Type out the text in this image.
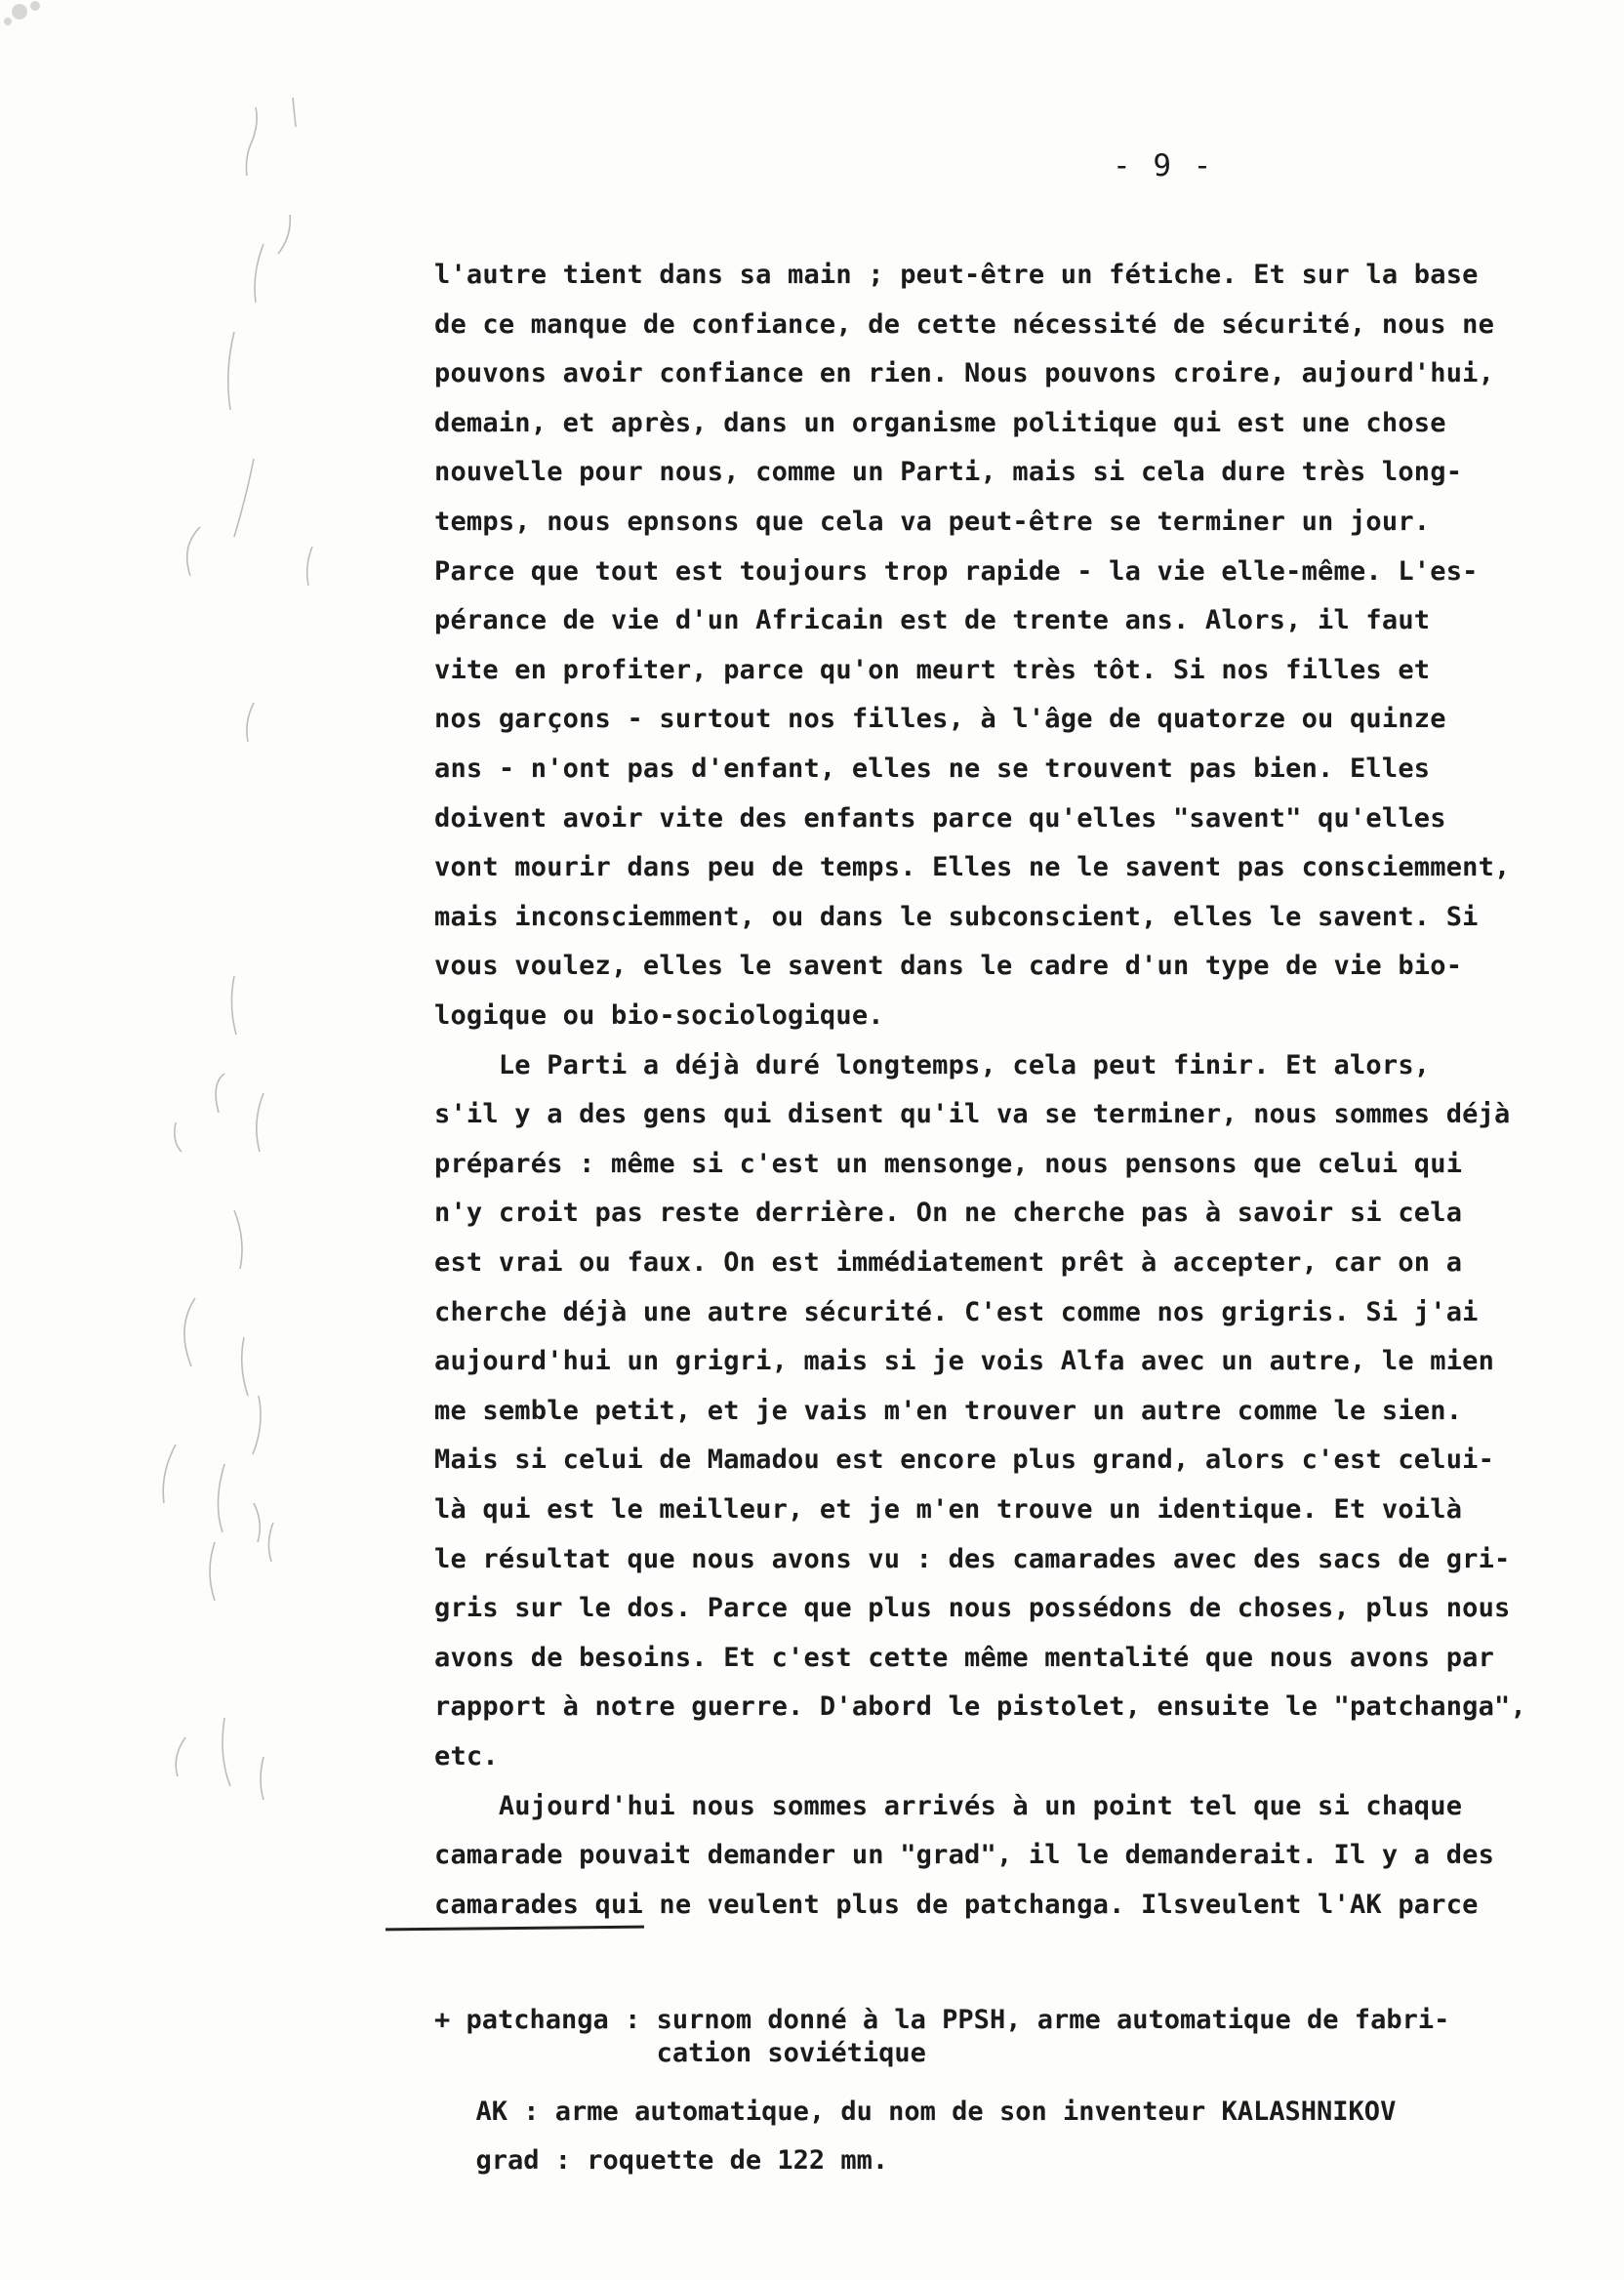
- 9 -
l'autre tient dans sa main ; peut-être un fétiche. Et sur la base
de ce manque de confiance, de cette nécessité de sécurité, nous ne
pouvons avoir confiance en rien. Nous pouvons croire, aujourd'hui,
demain, et après, dans un organisme politique qui est une chose
nouvelle pour nous, comme un Parti, mais si cela dure très long-
temps, nous epnsons que cela va peut-être se terminer un jour.
Parce que tout est toujours trop rapide - la vie elle-même. L'es-
pérance de vie d'un Africain est de trente ans. Alors, il faut
vite en profiter, parce qu'on meurt très tôt. Si nos filles et
nos garçons - surtout nos filles, à l'âge de quatorze ou quinze
ans - n'ont pas d'enfant, elles ne se trouvent pas bien. Elles
doivent avoir vite des enfants parce qu'elles "savent" qu'elles
vont mourir dans peu de temps. Elles ne le savent pas consciemment,
mais inconsciemment, ou dans le subconscient, elles le savent. Si
vous voulez, elles le savent dans le cadre d'un type de vie bio-
logique ou bio-sociologique.
Le Parti a déjà duré longtemps, cela peut finir. Et alors,
s'il y a des gens qui disent qu'il va se terminer, nous sommes déjà
préparés : même si c'est un mensonge, nous pensons que celui qui
n'y croit pas reste derrière. On ne cherche pas à savoir si cela
est vrai ou faux. On est immédiatement prêt à accepter, car on a
cherche déjà une autre sécurité. C'est comme nos grigris. Si j'ai
aujourd'hui un grigri, mais si je vois Alfa avec un autre, le mien
me semble petit, et je vais m'en trouver un autre comme le sien.
Mais si celui de Mamadou est encore plus grand, alors c'est celui-
là qui est le meilleur, et je m'en trouve un identique. Et voilà
le résultat que nous avons vu : des camarades avec des sacs de gri-
gris sur le dos. Parce que plus nous possédons de choses, plus nous
avons de besoins. Et c'est cette même mentalité que nous avons par
rapport à notre guerre. D'abord le pistolet, ensuite le "patchanga",
etc.
Aujourd'hui nous sommes arrivés à un point tel que si chaque
camarade pouvait demander un "grad", il le demanderait. Il y a des
camarades qui ne veulent plus de patchanga. Ilsveulent l'AK parce
+ patchanga : surnom donné à la PPSH, arme automatique de fabri-
cation soviétique
AK : arme automatique, du nom de son inventeur KALASHNIKOV
grad : roquette de 122 mm.
